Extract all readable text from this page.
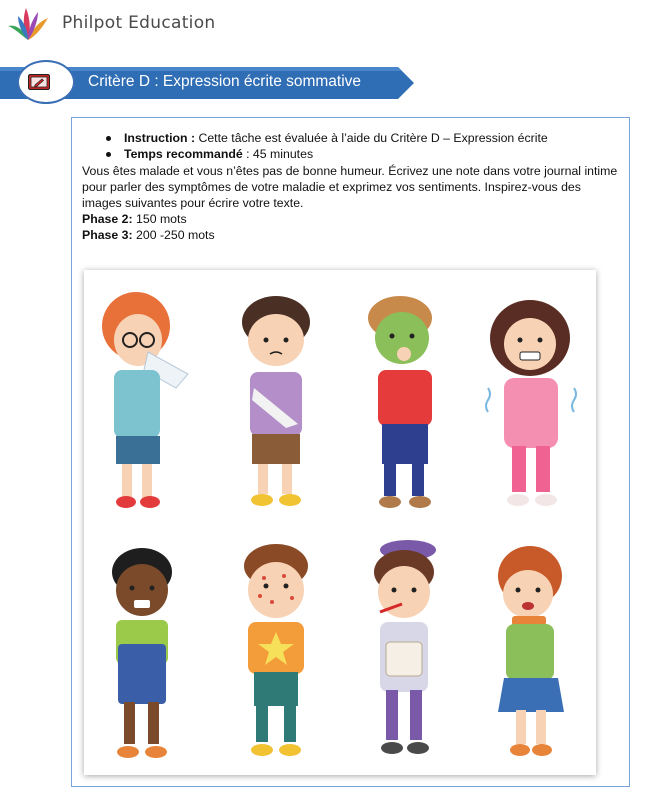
Philpot Education
Critère D : Expression écrite sommative
Instruction : Cette tâche est évaluée à l’aide du Critère D – Expression écrite
Temps recommandé : 45 minutes
Vous êtes malade et vous n’êtes pas de bonne humeur. Écrivez une note dans votre journal intime pour parler des symptômes de votre maladie et exprimez vos sentiments. Inspirez-vous des images suivantes pour écrire votre texte.
Phase 2: 150 mots
Phase 3: 200 -250 mots
